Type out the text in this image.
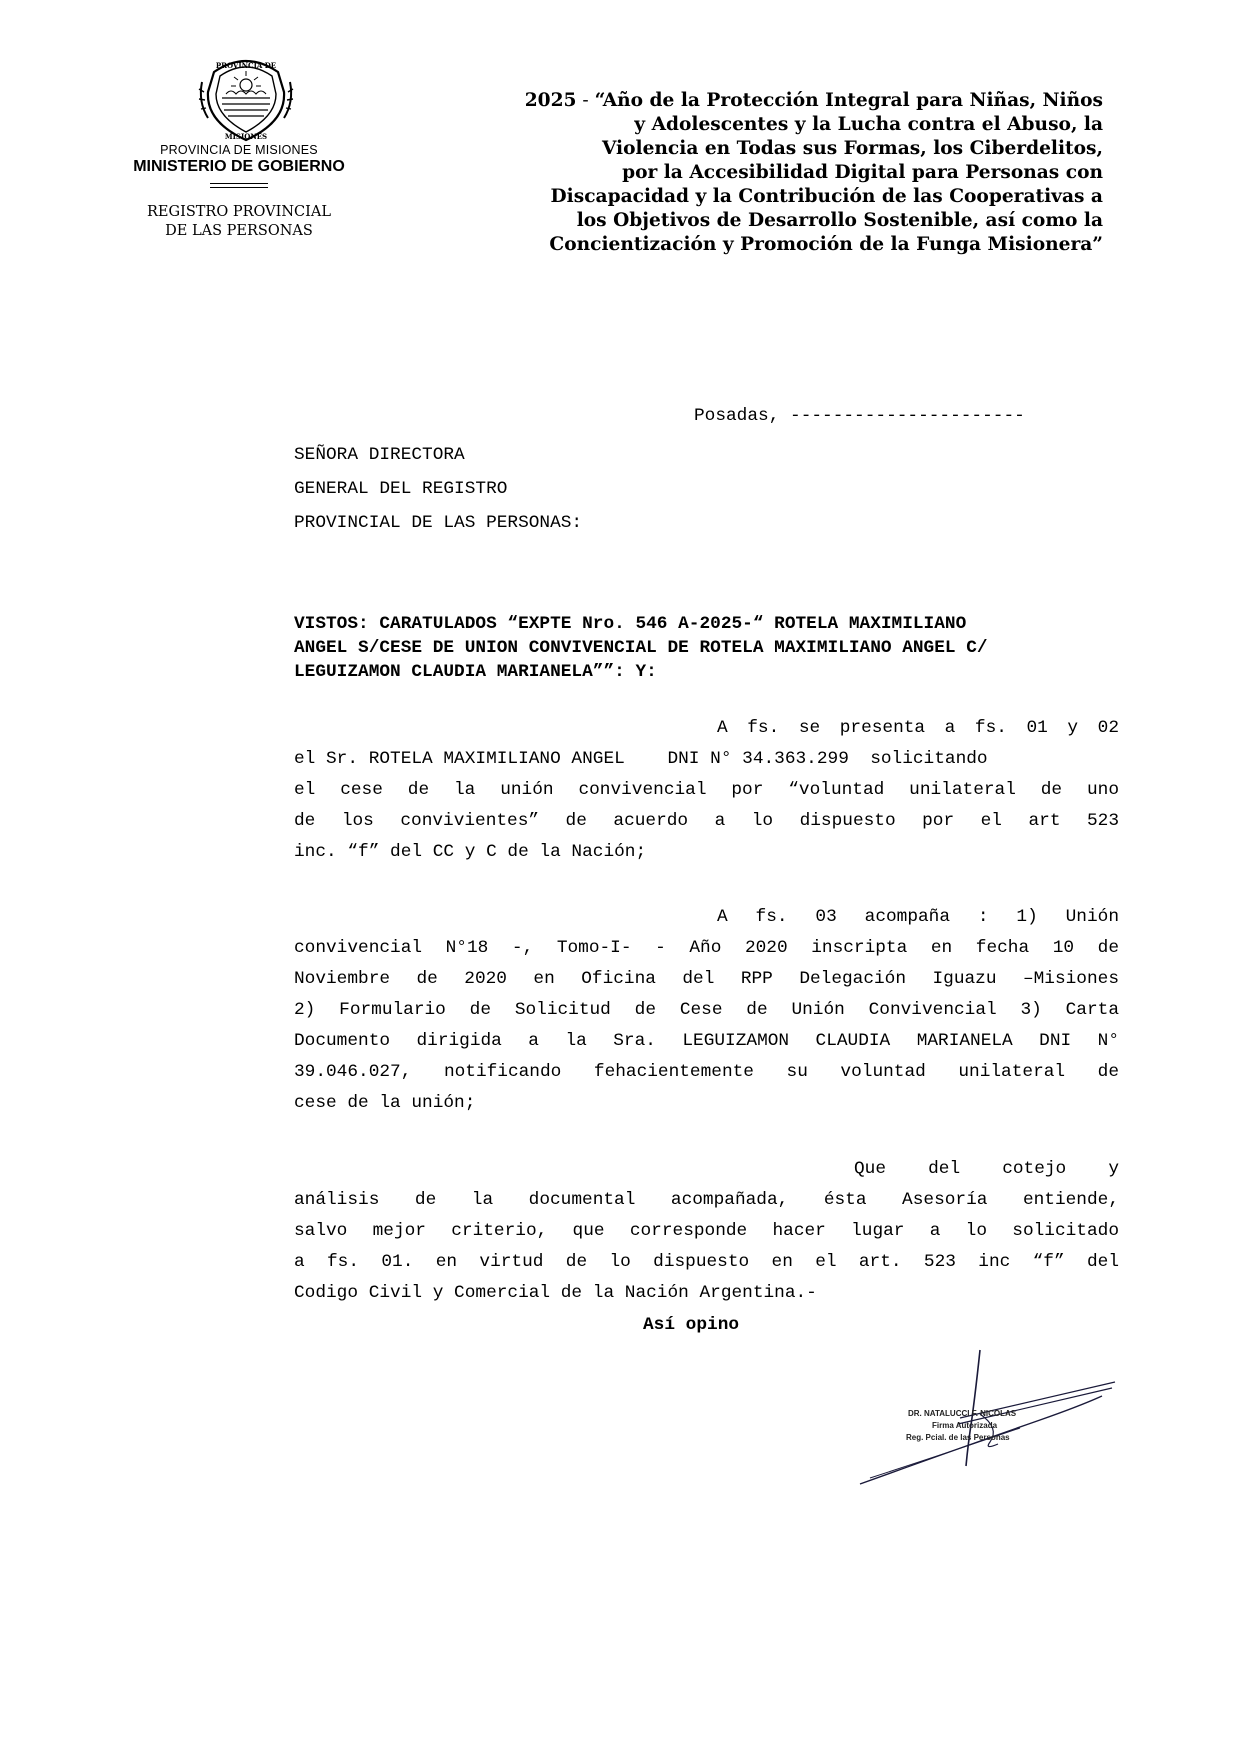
PROVINCIA DE
MISIONES
PROVINCIA DE MISIONES
MINISTERIO DE GOBIERNO
REGISTRO PROVINCIAL
DE LAS PERSONAS
2025 - “Año de la Protección Integral para Niñas, Niños
y Adolescentes y la Lucha contra el Abuso, la
Violencia en Todas sus Formas, los Ciberdelitos,
por la Accesibilidad Digital para Personas con
Discapacidad y la Contribución de las Cooperativas a
los Objetivos de Desarrollo Sostenible, así como la
Concientización y Promoción de la Funga Misionera”
Posadas, ----------------------
SEÑORA DIRECTORA
GENERAL DEL REGISTRO
PROVINCIAL DE LAS PERSONAS:
VISTOS: CARATULADOS “EXPTE Nro. 546 A-2025-“ ROTELA MAXIMILIANO
ANGEL S/CESE DE UNION CONVIVENCIAL DE ROTELA MAXIMILIANO ANGEL C/
LEGUIZAMON CLAUDIA MARIANELA””: Y:
A fs. se presenta a fs. 01 y 02
el Sr. ROTELA MAXIMILIANO ANGEL    DNI N° 34.363.299  solicitando
el cese de la unión convivencial por “voluntad unilateral de uno
de los convivientes” de acuerdo a lo dispuesto por el art 523
inc. “f” del CC y C de la Nación;
A fs. 03 acompaña : 1) Unión
convivencial N°18 -, Tomo-I- - Año 2020 inscripta en fecha 10 de
Noviembre de 2020 en Oficina del RPP Delegación Iguazu –Misiones
2) Formulario de Solicitud de Cese de Unión Convivencial 3) Carta
Documento dirigida a la Sra. LEGUIZAMON CLAUDIA MARIANELA DNI N°
39.046.027, notificando fehacientemente su voluntad unilateral de
cese de la unión;
Que del cotejo y
análisis de la documental acompañada, ésta Asesoría entiende,
salvo mejor criterio, que corresponde hacer lugar a lo solicitado
a fs. 01. en virtud de lo dispuesto en el art. 523 inc “f” del
Codigo Civil y Comercial de la Nación Argentina.-
Así opino
DR. NATALUCCI F. NICOLAS
Firma Autorizada
Reg. Pcial. de las Personas
